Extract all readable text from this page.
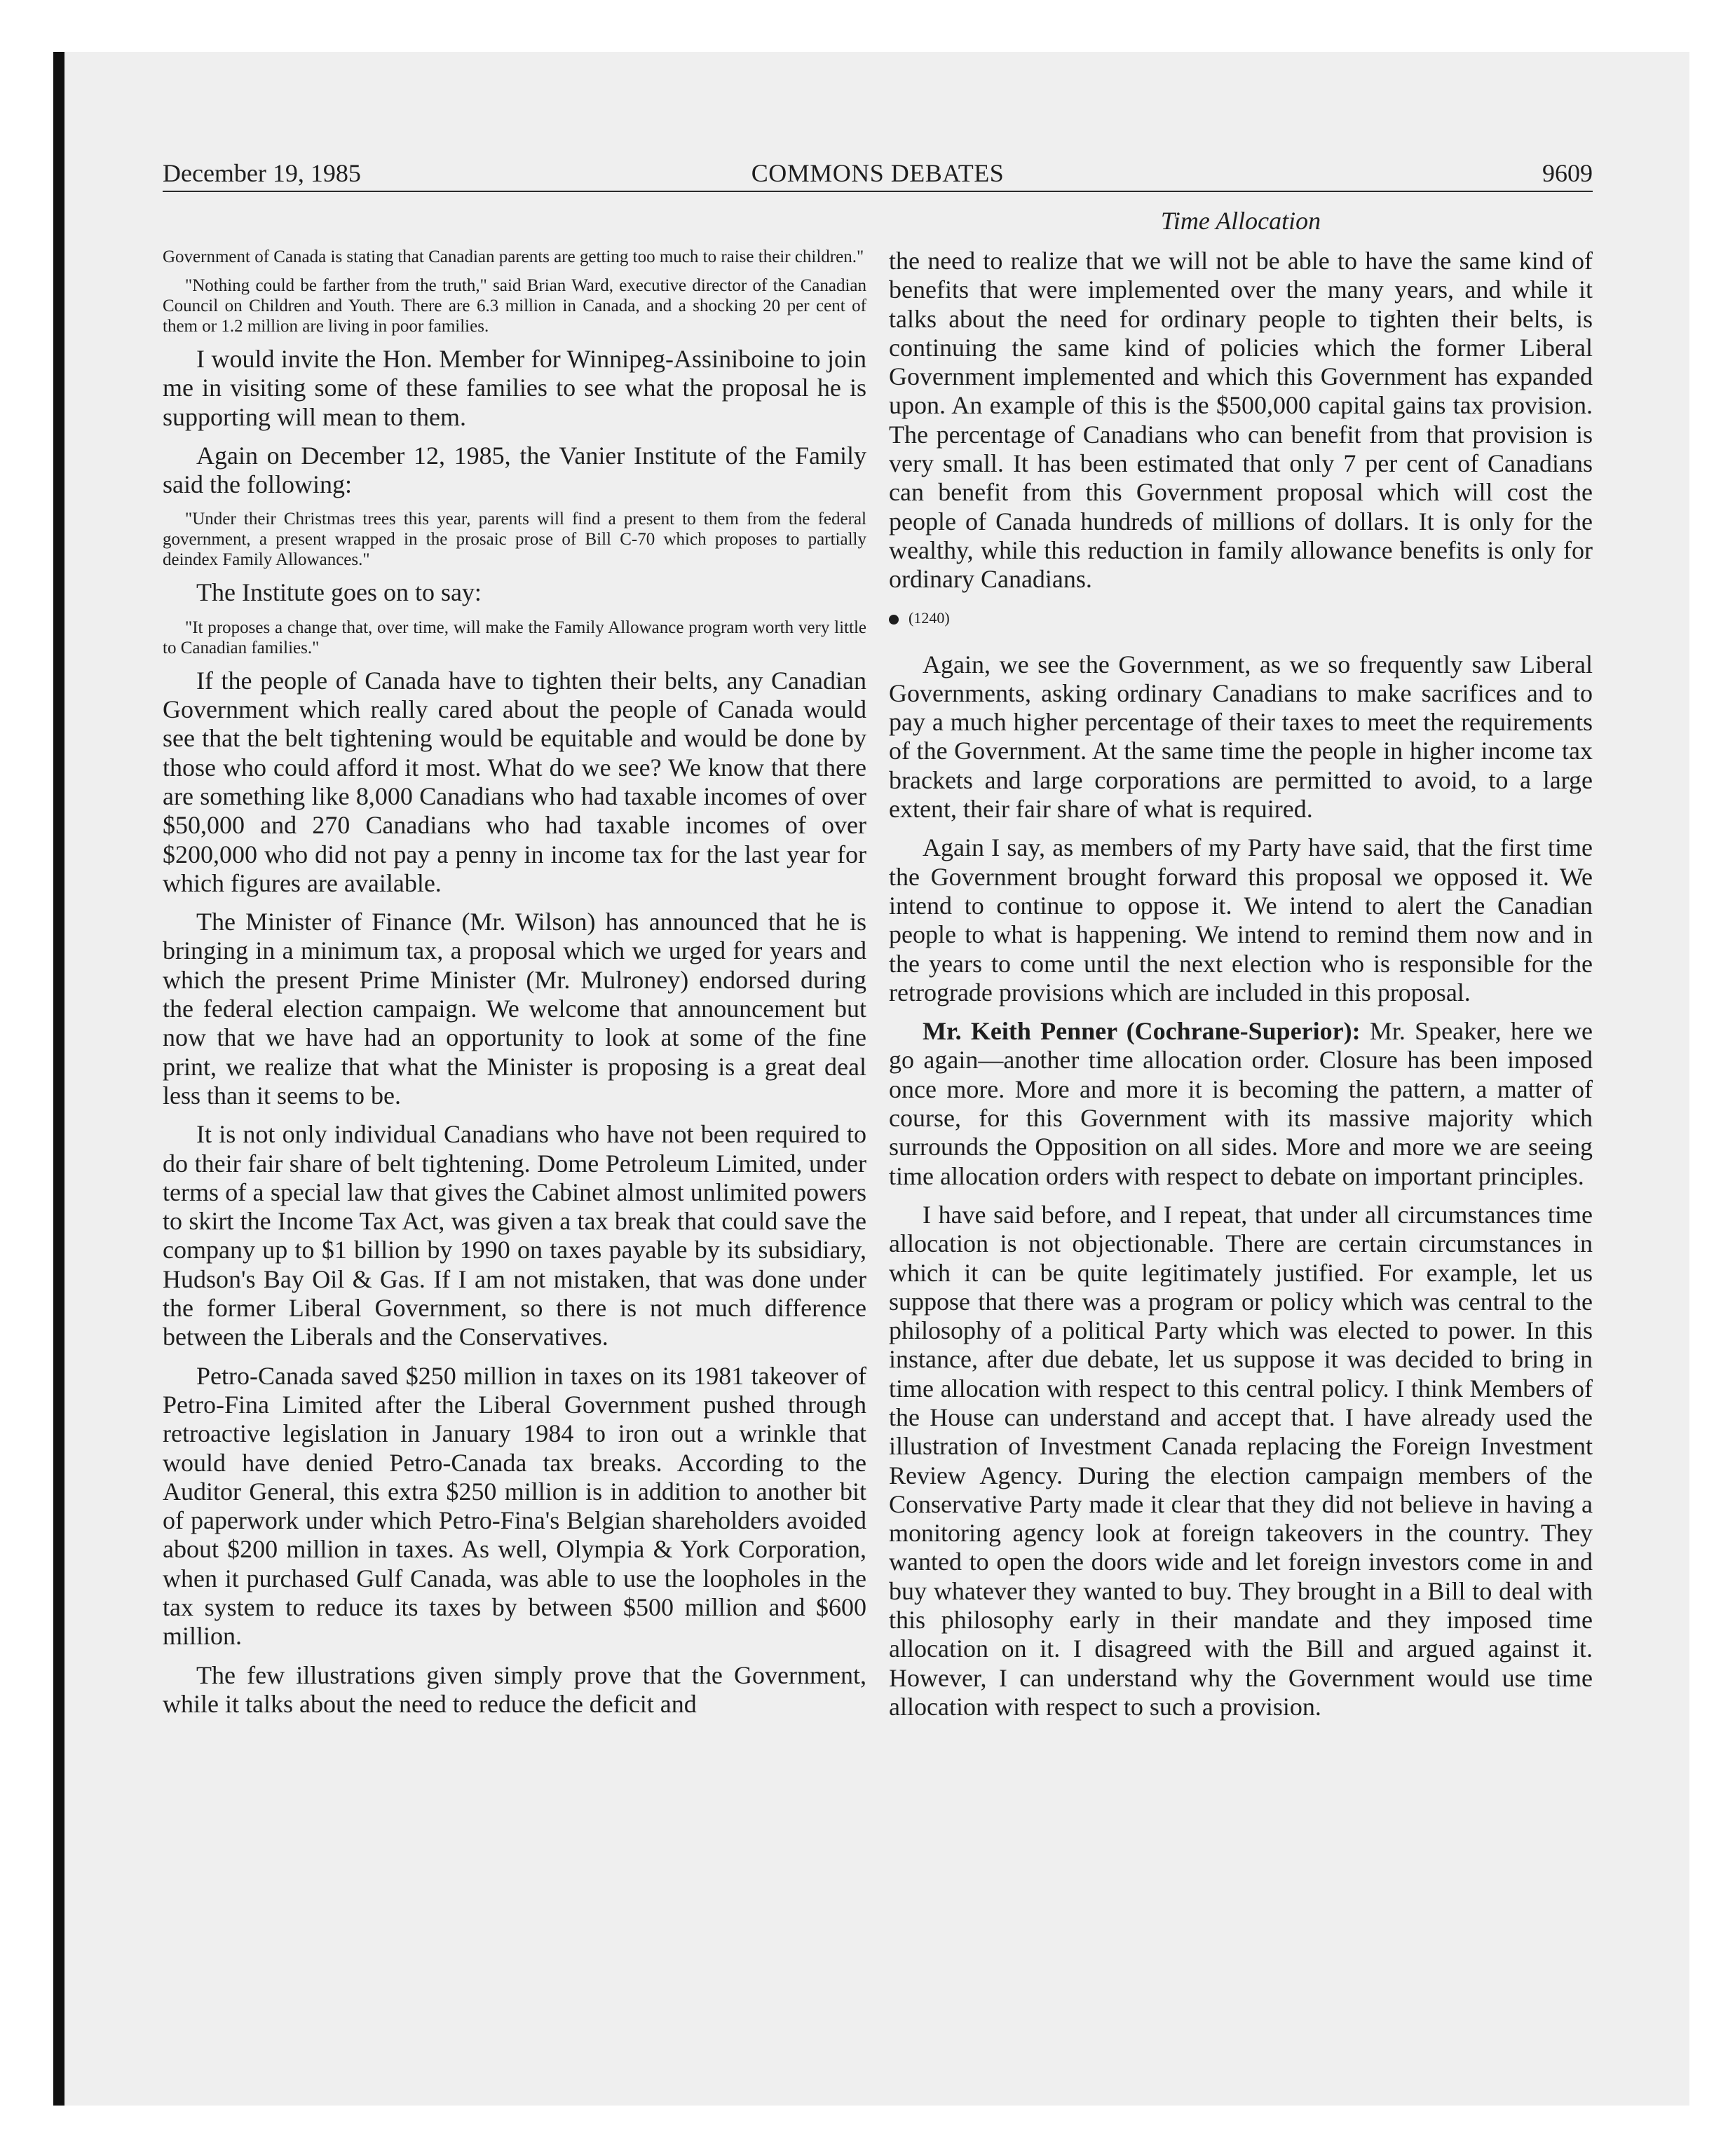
December 19, 1985	COMMONS DEBATES	9609
Time Allocation

Government of Canada is stating that Canadian parents are getting too much to raise their children."

"Nothing could be farther from the truth," said Brian Ward, executive director of the Canadian Council on Children and Youth. There are 6.3 million in Canada, and a shocking 20 per cent of them or 1.2 million are living in poor families.

I would invite the Hon. Member for Winnipeg-Assiniboine to join me in visiting some of these families to see what the proposal he is supporting will mean to them.

Again on December 12, 1985, the Vanier Institute of the Family said the following:

"Under their Christmas trees this year, parents will find a present to them from the federal government, a present wrapped in the prosaic prose of Bill C-70 which proposes to partially deindex Family Allowances."

The Institute goes on to say:

"It proposes a change that, over time, will make the Family Allowance program worth very little to Canadian families."

If the people of Canada have to tighten their belts, any Canadian Government which really cared about the people of Canada would see that the belt tightening would be equitable and would be done by those who could afford it most. What do we see? We know that there are something like 8,000 Canadians who had taxable incomes of over $50,000 and 270 Canadians who had taxable incomes of over $200,000 who did not pay a penny in income tax for the last year for which figures are available.

The Minister of Finance (Mr. Wilson) has announced that he is bringing in a minimum tax, a proposal which we urged for years and which the present Prime Minister (Mr. Mulroney) endorsed during the federal election campaign. We welcome that announcement but now that we have had an opportunity to look at some of the fine print, we realize that what the Minister is proposing is a great deal less than it seems to be.

It is not only individual Canadians who have not been required to do their fair share of belt tightening. Dome Petroleum Limited, under terms of a special law that gives the Cabinet almost unlimited powers to skirt the Income Tax Act, was given a tax break that could save the company up to $1 billion by 1990 on taxes payable by its subsidiary, Hudson's Bay Oil & Gas. If I am not mistaken, that was done under the former Liberal Government, so there is not much difference between the Liberals and the Conservatives.

Petro-Canada saved $250 million in taxes on its 1981 takeover of Petro-Fina Limited after the Liberal Government pushed through retroactive legislation in January 1984 to iron out a wrinkle that would have denied Petro-Canada tax breaks. According to the Auditor General, this extra $250 million is in addition to another bit of paperwork under which Petro-Fina's Belgian shareholders avoided about $200 million in taxes. As well, Olympia & York Corporation, when it purchased Gulf Canada, was able to use the loopholes in the tax system to reduce its taxes by between $500 million and $600 million.

The few illustrations given simply prove that the Government, while it talks about the need to reduce the deficit and

the need to realize that we will not be able to have the same kind of benefits that were implemented over the many years, and while it talks about the need for ordinary people to tighten their belts, is continuing the same kind of policies which the former Liberal Government implemented and which this Government has expanded upon. An example of this is the $500,000 capital gains tax provision. The percentage of Canadians who can benefit from that provision is very small. It has been estimated that only 7 per cent of Canadians can benefit from this Government proposal which will cost the people of Canada hundreds of millions of dollars. It is only for the wealthy, while this reduction in family allowance benefits is only for ordinary Canadians.

(1240)

Again, we see the Government, as we so frequently saw Liberal Governments, asking ordinary Canadians to make sacrifices and to pay a much higher percentage of their taxes to meet the requirements of the Government. At the same time the people in higher income tax brackets and large corporations are permitted to avoid, to a large extent, their fair share of what is required.

Again I say, as members of my Party have said, that the first time the Government brought forward this proposal we opposed it. We intend to continue to oppose it. We intend to alert the Canadian people to what is happening. We intend to remind them now and in the years to come until the next election who is responsible for the retrograde provisions which are included in this proposal.

Mr. Keith Penner (Cochrane-Superior): Mr. Speaker, here we go again—another time allocation order. Closure has been imposed once more. More and more it is becoming the pattern, a matter of course, for this Government with its massive majority which surrounds the Opposition on all sides. More and more we are seeing time allocation orders with respect to debate on important principles.

I have said before, and I repeat, that under all circumstances time allocation is not objectionable. There are certain circumstances in which it can be quite legitimately justified. For example, let us suppose that there was a program or policy which was central to the philosophy of a political Party which was elected to power. In this instance, after due debate, let us suppose it was decided to bring in time allocation with respect to this central policy. I think Members of the House can understand and accept that. I have already used the illustration of Investment Canada replacing the Foreign Investment Review Agency. During the election campaign members of the Conservative Party made it clear that they did not believe in having a monitoring agency look at foreign takeovers in the country. They wanted to open the doors wide and let foreign investors come in and buy whatever they wanted to buy. They brought in a Bill to deal with this philosophy early in their mandate and they imposed time allocation on it. I disagreed with the Bill and argued against it. However, I can understand why the Government would use time allocation with respect to such a provision.
